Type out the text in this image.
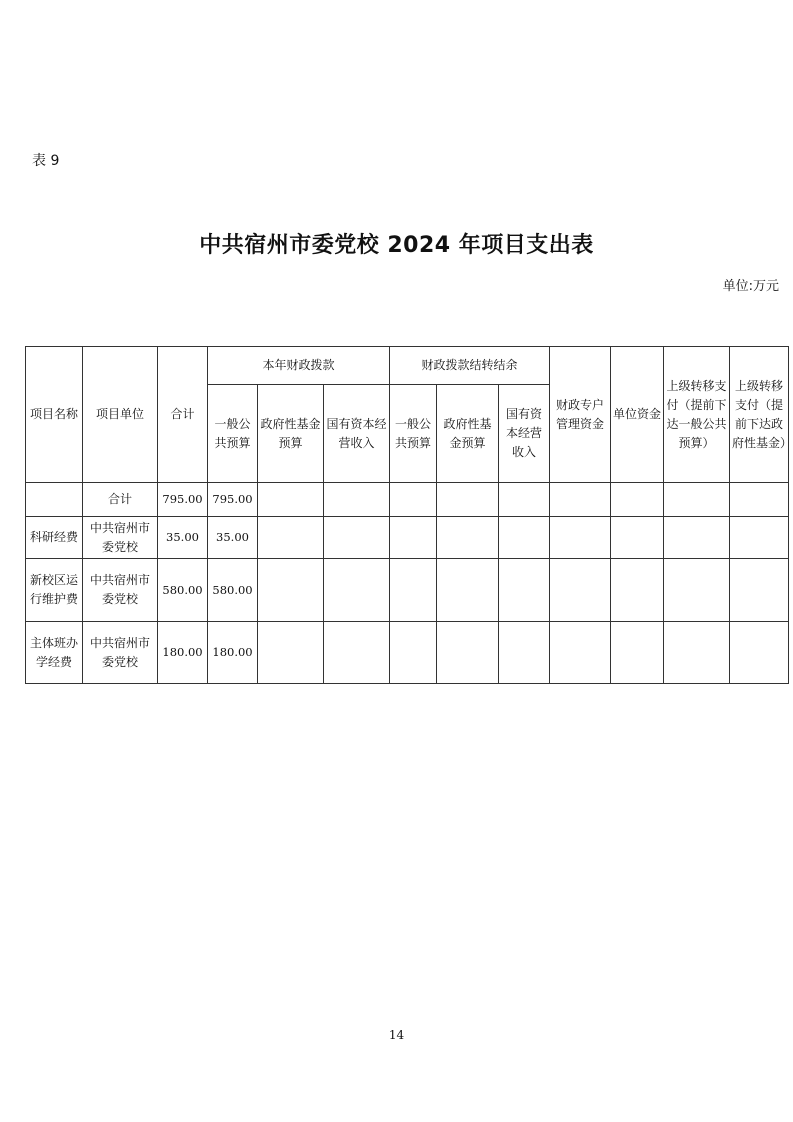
表 9
中共宿州市委党校 2024 年项目支出表
单位:万元
项目名称	项目单位	合计	本年财政拨款			财政拨款结转结余			财政专户管理资金	单位资金	上级转移支付（提前下达一般公共预算）	上级转移支付（提前下达政府性基金）
			一般公共预算	政府性基金预算	国有资本经营收入	一般公共预算	政府性基金预算	国有资本经营收入				
	合计	795.00	795.00									
科研经费	中共宿州市委党校	35.00	35.00									
新校区运行维护费	中共宿州市委党校	580.00	580.00									
主体班办学经费	中共宿州市委党校	180.00	180.00									
14
